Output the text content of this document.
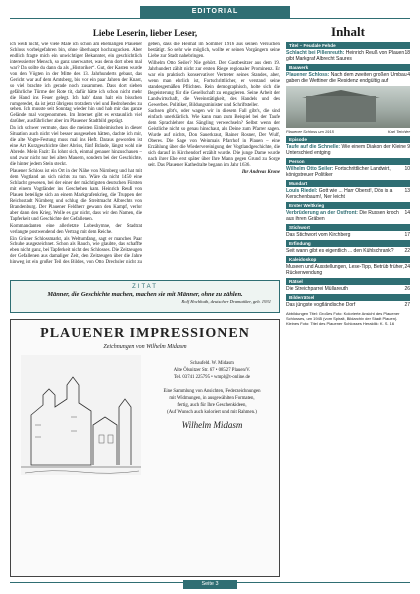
EDITORIAL
Liebe Leserin, lieber Leser,

ich weiß nicht, wie viele Male ich schon am ehemaligen Plauener Schloss vorbeigefahren bin, ohne überhaupt hochzugucken. Aber endlich fragte mich ein unwichtiger Bekannter, ein geschichtlich interessierter Mensch, so ganz unerwartet, was denn dort oben mal war? Da sollte du dann da als „Historiker“. Gut, der Kasten wurde von den Vögten in der Mitte des 13. Jahrhunderts gebaut, das Gericht war auf dem Amtsberg, bis vor ein paar Jahren der Knast, so viel brachte ich gerade noch zusammen. Dass dort sieben gefährliche Türme der Rote tit, dafür hätte ich schon nicht mehr die Hand ins Feuer gelegt. Ich hab' dann halt ein bisschen rumgeredet, da ist jetzt übrigens trotzdem viel und Bedrohendes zu sehen. Ich musste seit Sonntag wieder hin und hab mir das ganze Gelände mal vorgenommen. Im Internet gibt es erstaunlich viel darüber, ausführlicher aber im Plauener Stadtbild geprägt.

Da ich schwer vermute, dass die meisten Einheimischen in dieser Situation auch nicht viel besser ausgesehen hätten, dachte ich mir, die alte Vogte-Festung muss mal ins Heft. Daraus geworden ist eine Art Kurzgeschichte über Abriss, fünf Brände, längst wohl nie Abrede. Mein Fazit: Es lohnt sich, einmal genauer hinzuschauen – und zwar nicht nur bei alten Mauern, sondern bei der Geschichte, die hinter jedem Stein steckt.

Plauener Schloss ist ein Ort in der Nähe von Nürnberg und hat mit dem Vogtland an sich nichts zu tun. Wäre da nicht 1450 eine Schlacht gewesen, bei der einer der mächtigsten deutschen Fürsten mit einem Vogtländer ins Geschehen kam. Heinrich Reuß von Plauen beteiligte sich an einem Markgrafenkrieg, die Truppen der Reichsstadt Nürnberg und schlug die Streitmacht Albrechts von Brandenburg. Der Plauener Feldherr gewann den Kampf, verlor aber dann den Krieg. Wolle es gar nicht, dass wir den Namen, die Tapferkeit und Geschichte der Gefallenen.

Kommandanten eine allerletzte Lobeshymne, der Stadtrat verlangte postwendend den Vertrag mit dem Reiche.

Ein Grüner Schlossmarkt, als Weltumfang, sagt er manches Paar Schuhe ausgezeichnet. Schon als Rauch, wie glaubte, das schaffte eben nicht ganz, bei Tapferkeit nicht des Schlosses. Die Zeitzeugen der Gefallenen aus damaliger Zeit, den Zeitzeugen über die Jahre hinweg ist ein großer Teil des Bildes, von Otto Drechsler nicht zu geben, dass die Heimat im Sommer 1916 aus seinen Versuchen bestätigt. So sehr wie möglich, wollte er seinen Vorgängern seine Liebe zur Stadt nahebringen.

Wilhelm Otto Seiler? Nie gehört. Der Gastbesitzer aus dem 19. Jahrhundert zählt nicht zur ersten Riege regionaler Prominenz. Er war ein praktisch konservativer Vertreter seines Standes, aber, wenn man ehrlich ist, Fortschrittlicher, er verstand seine standesgemäßen Pflichten. Rein demographisch, holte sich die Begeisterung für die Gesellschaft zu engagieren. Seine Arbeit der Landwirtschaft, die Vereinstätigkeit, des Handels und des Gewerbes. Politiker, Bildungsminister und Schriftsteller.

Sachsen gibt's, oder wagen wir in diesem Fall gibt's, die sind einfach unerklärlich. Wie kann man zum Beispiel bei der Taufe dem Sprachlehrer das Sängling verwechseln? Selbst wenn der Geistliche nicht so genau hinschaut, als Deine zum Pfarrer sagen. Wurde auf nichts, Don Sauerkraut, Rainer Rosner, Der Wulf, Oberes. Die Sage von Weinmais Pfarrhof in Plauen – eine Erzählung über die Wiedervereinigung der Vogtlandgeschichte, die sich darauf in Kirchendorf erzählt wurde. Die junge Dame wurde nach ihrer Ehe erst später über Ihre Mann gegen Grund zu Sorge seit. Das Plauener Kathedralte begann im Jahr 1636.

Ihr Andreas Krone

ZITAT
Männer, die Geschichte machen, machen sie mit Männer, ohne zu zählen.
Rolf Hochhuth, deutscher Dramatiker, geb. 1931
PLAUENER IMPRESSIONEN
Zeichnungen von Wilhelm Midasm
Schaufeld. W. Midasm
Alte Ölsnitzer Str. 67 • 08527 Plauen/V.
Tel. 03741 225795 • wmpl@t-online.de

Eine Sammlung von Ansichten, Federzeichnungen
mit Widmungen, in ausgewählten Formaten,
fertig, auch für Ihre Geschenkideen,
(Auf Wunsch auch koloriert und mit Rahmen.)
Wilhelm Midasm
Inhalt
Titel – Feudale Fehde
18
Schlacht bei Pillenreuth: Heinrich Reuß von Plauen gibt Markgraf Albrecht Saures
Bauwerk
4
Plauener Schloss: Nach dem zweiten großen Umbau gaben die Wettiner die Residenz endgültig auf
Plauener Schloss um 1915	Karl Teichler
Episode
9
Taufe auf die Schnelle: Wie einem Diakon der Kleine Unterschied entging
Person
10
Wilhelm Otto Seiler: Fortschrittlicher Landwirt, königstreuer Politiker
Mundart
13
Louis Riedel: Gott wie ... Harr Oberst!, Dös is a Kerschenbaum!, Ner leicht
Erster Weltkrieg
14
Verbrüderung an der Ostfront: Die Russen kroch aus ihren Gräben
Stichwort
17
Das Stichwort vom Kirchberg
Erfindung
22
Seit wann gibt es eigentlich ... den Kühlschrank?
Kaleidoskop
24
Museen und Ausstellungen, Lese-Tipp, Betrüb früher, Rückerwendung
Rätsel
26
Die Streichparrei Müllareuth
Bilderrätsel
27
Das jüngste vogtländische Dorf
Abbildungen Titel: Großes Foto: Kolorierte Ansicht des Plauener Schlosses, um 1945 (vom Spiralt, Bildarchiv der Stadt Plauen). Kleines Foto: Titel des Plauener Schlosses Heraldik: K. S. 16
Seite 3
